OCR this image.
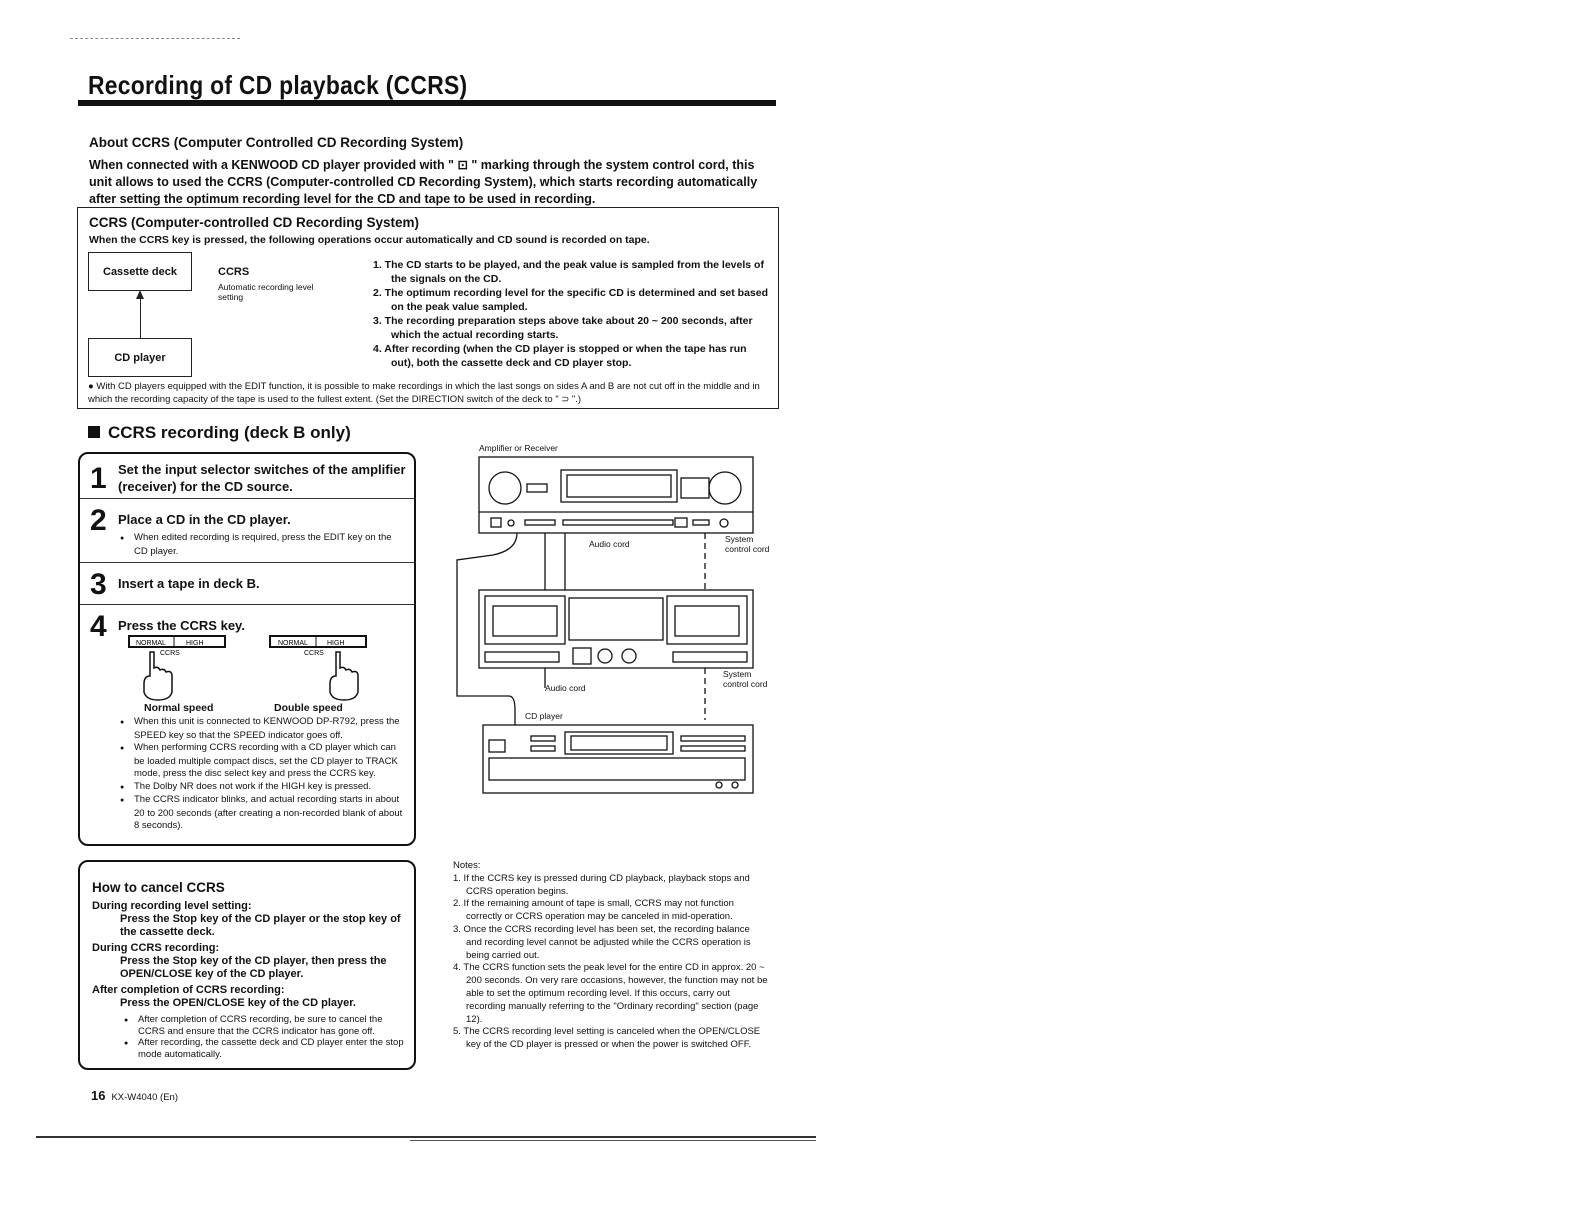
Recording of CD playback (CCRS)
About CCRS (Computer Controlled CD Recording System)
When connected with a KENWOOD CD player provided with " ⊡ " marking through the system control cord, this unit allows to used the CCRS (Computer-controlled CD Recording System), which starts recording automatically after setting the optimum recording level for the CD and tape to be used in recording.
CCRS (Computer-controlled CD Recording System)
When the CCRS key is pressed, the following operations occur automatically and CD sound is recorded on tape.
Cassette deck
CD player
CCRS
Automatic recording level setting
1. The CD starts to be played, and the peak value is sampled from the levels of the signals on the CD.
2. The optimum recording level for the specific CD is determined and set based on the peak value sampled.
3. The recording preparation steps above take about 20 ~ 200 seconds, after which the actual recording starts.
4. After recording (when the CD player is stopped or when the tape has run out), both the cassette deck and CD player stop.
● With CD players equipped with the EDIT function, it is possible to make recordings in which the last songs on sides A and B are not cut off in the middle and in which the recording capacity of the tape is used to the fullest extent. (Set the DIRECTION switch of the deck to " ⊃ ".)
CCRS recording (deck B only)
1 Set the input selector switches of the amplifier (receiver) for the CD source.
2 Place a CD in the CD player.
● When edited recording is required, press the EDIT key on the CD player.
3 Insert a tape in deck B.
4 Press the CCRS key.
NORMAL	HIGH
CCRS
NORMAL	HIGH
CCRS
Normal speed	Double speed
● When this unit is connected to KENWOOD DP-R792, press the SPEED key so that the SPEED indicator goes off.
● When performing CCRS recording with a CD player which can be loaded multiple compact discs, set the CD player to TRACK mode, press the disc select key and press the CCRS key.
● The Dolby NR does not work if the HIGH key is pressed.
● The CCRS indicator blinks, and actual recording starts in about 20 to 200 seconds (after creating a non-recorded blank of about 8 seconds).
How to cancel CCRS
During recording level setting:
Press the Stop key of the CD player or the stop key of the cassette deck.
During CCRS recording:
Press the Stop key of the CD player, then press the OPEN/CLOSE key of the CD player.
After completion of CCRS recording:
Press the OPEN/CLOSE key of the CD player.
● After completion of CCRS recording, be sure to cancel the CCRS and ensure that the CCRS indicator has gone off.
● After recording, the cassette deck and CD player enter the stop mode automatically.
Amplifier or Receiver
Audio cord	System control cord
Audio cord
System control cord
CD player
Notes:
1. If the CCRS key is pressed during CD playback, playback stops and CCRS operation begins.
2. If the remaining amount of tape is small, CCRS may not function correctly or CCRS operation may be canceled in mid-operation.
3. Once the CCRS recording level has been set, the recording balance and recording level cannot be adjusted while the CCRS operation is being carried out.
4. The CCRS function sets the peak level for the entire CD in approx. 20 ~ 200 seconds. On very rare occasions, however, the function may not be able to set the optimum recording level. If this occurs, carry out recording manually referring to the "Ordinary recording" section (page 12).
5. The CCRS recording level setting is canceled when the OPEN/CLOSE key of the CD player is pressed or when the power is switched OFF.
16 KX-W4040 (En)
